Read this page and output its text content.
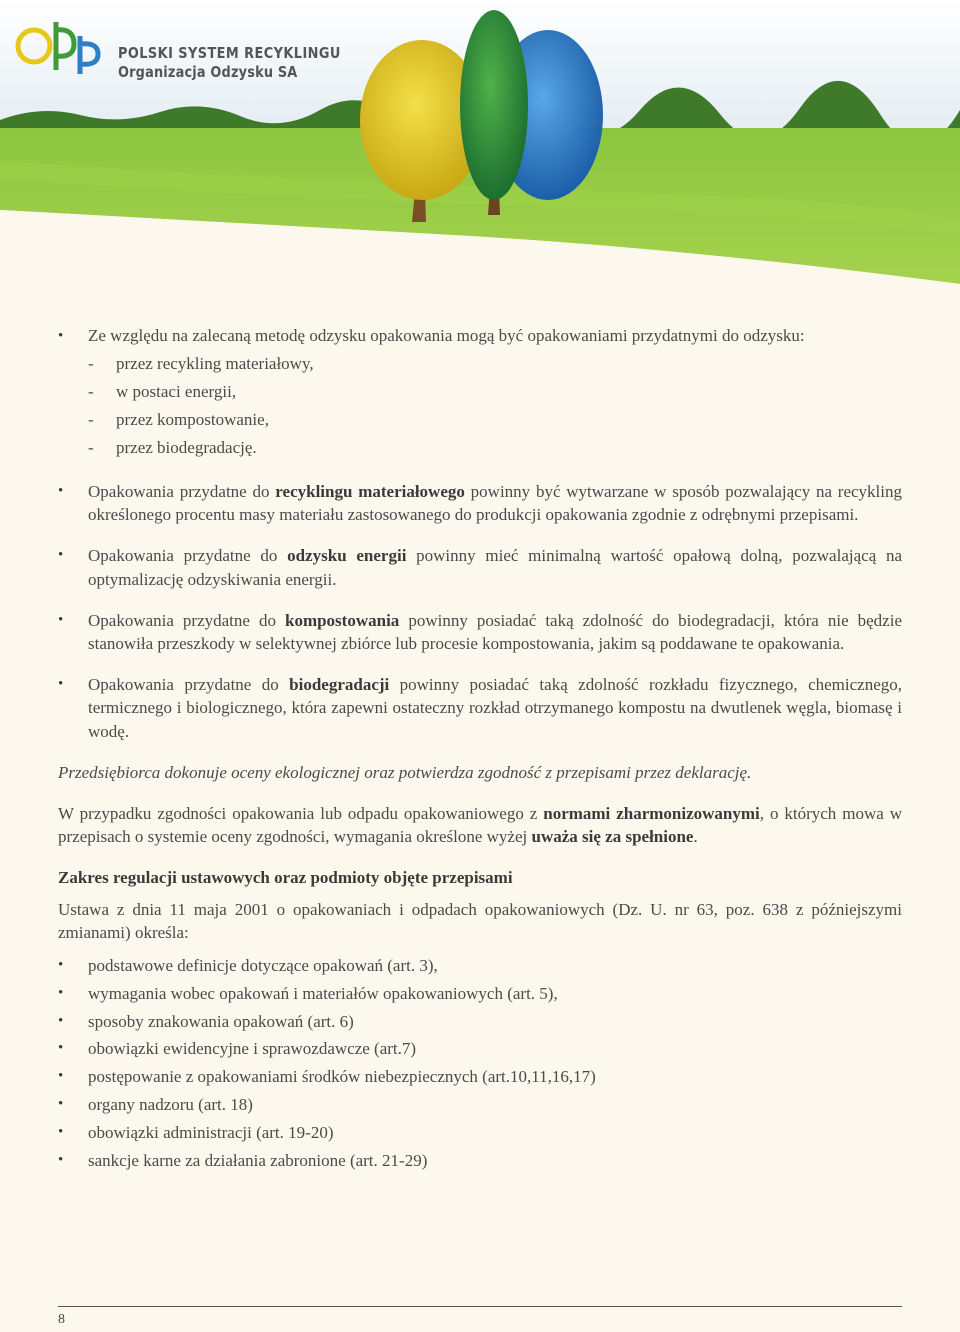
POLSKI SYSTEM RECYKLINGU
Organizacja Odzysku SA
• Ze względu na zalecaną metodę odzysku opakowania mogą być opakowaniami przydatnymi do odzysku:
- przez recykling materiałowy,
- w postaci energii,
- przez kompostowanie,
- przez biodegradację.
• Opakowania przydatne do recyklingu materiałowego powinny być wytwarzane w sposób pozwalający na recykling określonego procentu masy materiału zastosowanego do produkcji opakowania zgodnie z odrębnymi przepisami.
• Opakowania przydatne do odzysku energii powinny mieć minimalną wartość opałową dolną, pozwalającą na optymalizację odzyskiwania energii.
• Opakowania przydatne do kompostowania powinny posiadać taką zdolność do biodegradacji, która nie będzie stanowiła przeszkody w selektywnej zbiórce lub procesie kompostowania, jakim są poddawane te opakowania.
• Opakowania przydatne do biodegradacji powinny posiadać taką zdolność rozkładu fizycznego, chemicznego, termicznego i biologicznego, która zapewni ostateczny rozkład otrzymanego kompostu na dwutlenek węgla, biomasę i wodę.

Przedsiębiorca dokonuje oceny ekologicznej oraz potwierdza zgodność z przepisami przez deklarację.

W przypadku zgodności opakowania lub odpadu opakowaniowego z normami zharmonizowanymi, o których mowa w przepisach o systemie oceny zgodności, wymagania określone wyżej uważa się za spełnione.

Zakres regulacji ustawowych oraz podmioty objęte przepisami

Ustawa z dnia 11 maja 2001 o opakowaniach i odpadach opakowaniowych (Dz. U. nr 63, poz. 638 z późniejszymi zmianami) określa:

• podstawowe definicje dotyczące opakowań (art. 3),
• wymagania wobec opakowań i materiałów opakowaniowych (art. 5),
• sposoby znakowania opakowań (art. 6)
• obowiązki ewidencyjne i sprawozdawcze (art.7)
• postępowanie z opakowaniami środków niebezpiecznych (art.10,11,16,17)
• organy nadzoru (art. 18)
• obowiązki administracji (art. 19-20)
• sankcje karne za działania zabronione (art. 21-29)
8
